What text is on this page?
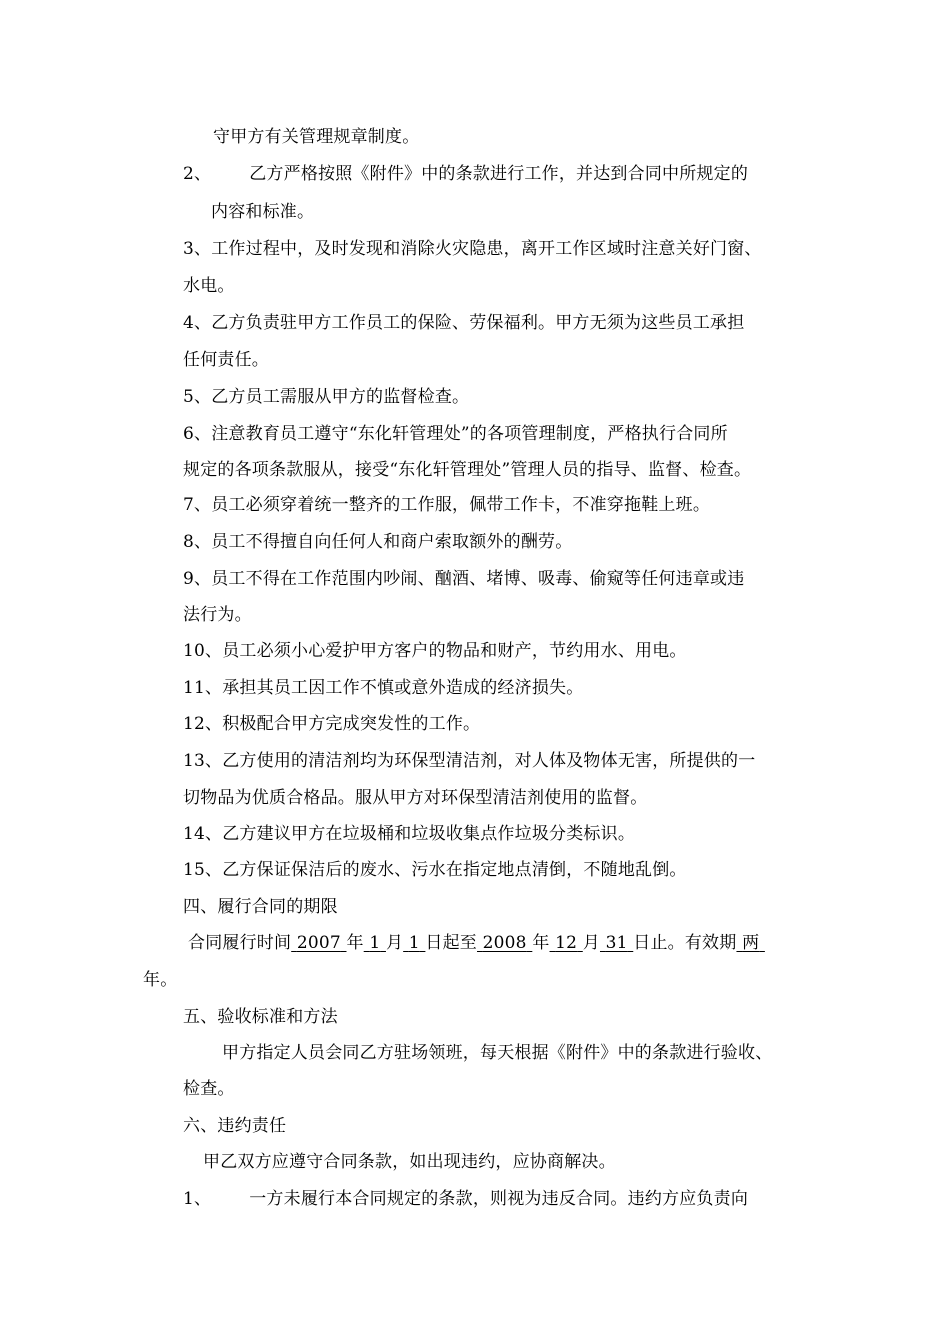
守甲方有关管理规章制度。
2、 乙方严格按照《附件》中的条款进行工作，并达到合同中所规定的
内容和标准。
3、工作过程中，及时发现和消除火灾隐患，离开工作区域时注意关好门窗、
水电。
4、乙方负责驻甲方工作员工的保险、劳保福利。甲方无须为这些员工承担
任何责任。
5、乙方员工需服从甲方的监督检查。
6、注意教育员工遵守“东化轩管理处”的各项管理制度，严格执行合同所
规定的各项条款服从，接受“东化轩管理处”管理人员的指导、监督、检查。
7、员工必须穿着统一整齐的工作服，佩带工作卡，不准穿拖鞋上班。
8、员工不得擅自向任何人和商户索取额外的酬劳。
9、员工不得在工作范围内吵闹、酗酒、堵博、吸毒、偷窥等任何违章或违
法行为。
10、员工必须小心爱护甲方客户的物品和财产，节约用水、用电。
11、承担其员工因工作不慎或意外造成的经济损失。
12、积极配合甲方完成突发性的工作。
13、乙方使用的清洁剂均为环保型清洁剂，对人体及物体无害，所提供的一
切物品为优质合格品。服从甲方对环保型清洁剂使用的监督。
14、乙方建议甲方在垃圾桶和垃圾收集点作垃圾分类标识。
15、乙方保证保洁后的废水、污水在指定地点清倒，不随地乱倒。
四、履行合同的期限
合同履行时间 2007 年 1 月 1 日起至 2008 年 12 月 31 日止。有效期 两
年。
五、验收标准和方法
甲方指定人员会同乙方驻场领班，每天根据《附件》中的条款进行验收、
检查。
六、违约责任
甲乙双方应遵守合同条款，如出现违约，应协商解决。
1、 一方未履行本合同规定的条款，则视为违反合同。违约方应负责向
